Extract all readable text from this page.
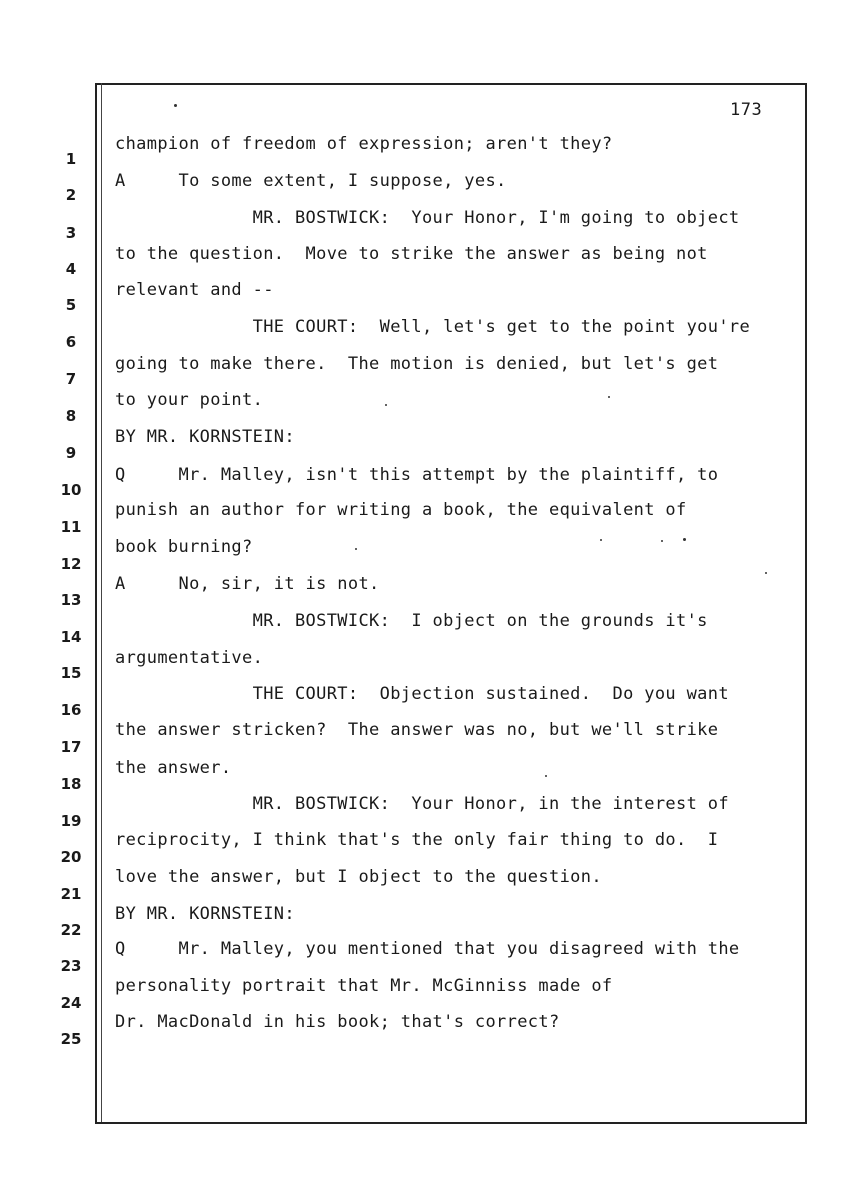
173
1
2
3
4
5
6
7
8
9
10
11
12
13
14
15
16
17
18
19
20
21
22
23
24
25
champion of freedom of expression; aren't they?
A     To some extent, I suppose, yes.
MR. BOSTWICK:  Your Honor, I'm going to object
to the question.  Move to strike the answer as being not
relevant and --
THE COURT:  Well, let's get to the point you're
going to make there.  The motion is denied, but let's get
to your point.
BY MR. KORNSTEIN:
Q     Mr. Malley, isn't this attempt by the plaintiff, to
punish an author for writing a book, the equivalent of
book burning?
A     No, sir, it is not.
MR. BOSTWICK:  I object on the grounds it's
argumentative.
THE COURT:  Objection sustained.  Do you want
the answer stricken?  The answer was no, but we'll strike
the answer.
MR. BOSTWICK:  Your Honor, in the interest of
reciprocity, I think that's the only fair thing to do.  I
love the answer, but I object to the question.
BY MR. KORNSTEIN:
Q     Mr. Malley, you mentioned that you disagreed with the
personality portrait that Mr. McGinniss made of
Dr. MacDonald in his book; that's correct?
